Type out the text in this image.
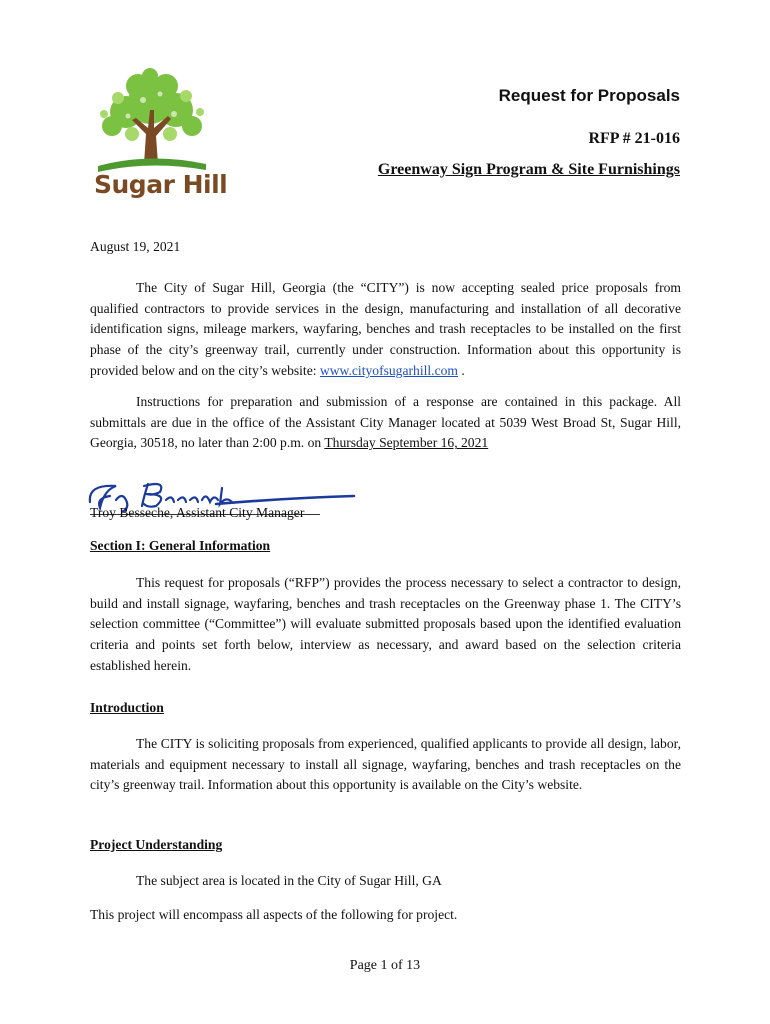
Sugar Hill
Request for Proposals
RFP # 21-016
Greenway Sign Program & Site Furnishings
August 19, 2021
The City of Sugar Hill, Georgia (the “CITY”) is now accepting sealed price proposals from qualified contractors to provide services in the design, manufacturing and installation of all decorative identification signs, mileage markers, wayfaring, benches and trash receptacles to be installed on the first phase of the city’s greenway trail, currently under construction. Information about this opportunity is provided below and on the city’s website: www.cityofsugarhill.com .
Instructions for preparation and submission of a response are contained in this package. All submittals are due in the office of the Assistant City Manager located at 5039 West Broad St, Sugar Hill, Georgia, 30518, no later than 2:00 p.m. on Thursday September 16, 2021
Troy Besseche, Assistant City Manager
Section I: General Information
This request for proposals (“RFP”) provides the process necessary to select a contractor to design, build and install signage, wayfaring, benches and trash receptacles on the Greenway phase 1. The CITY’s selection committee (“Committee”) will evaluate submitted proposals based upon the identified evaluation criteria and points set forth below, interview as necessary, and award based on the selection criteria established herein.
Introduction
The CITY is soliciting proposals from experienced, qualified applicants to provide all design, labor, materials and equipment necessary to install all signage, wayfaring, benches and trash receptacles on the city’s greenway trail. Information about this opportunity is available on the City’s website.
Project Understanding
The subject area is located in the City of Sugar Hill, GA
This project will encompass all aspects of the following for project.
Page 1 of 13
